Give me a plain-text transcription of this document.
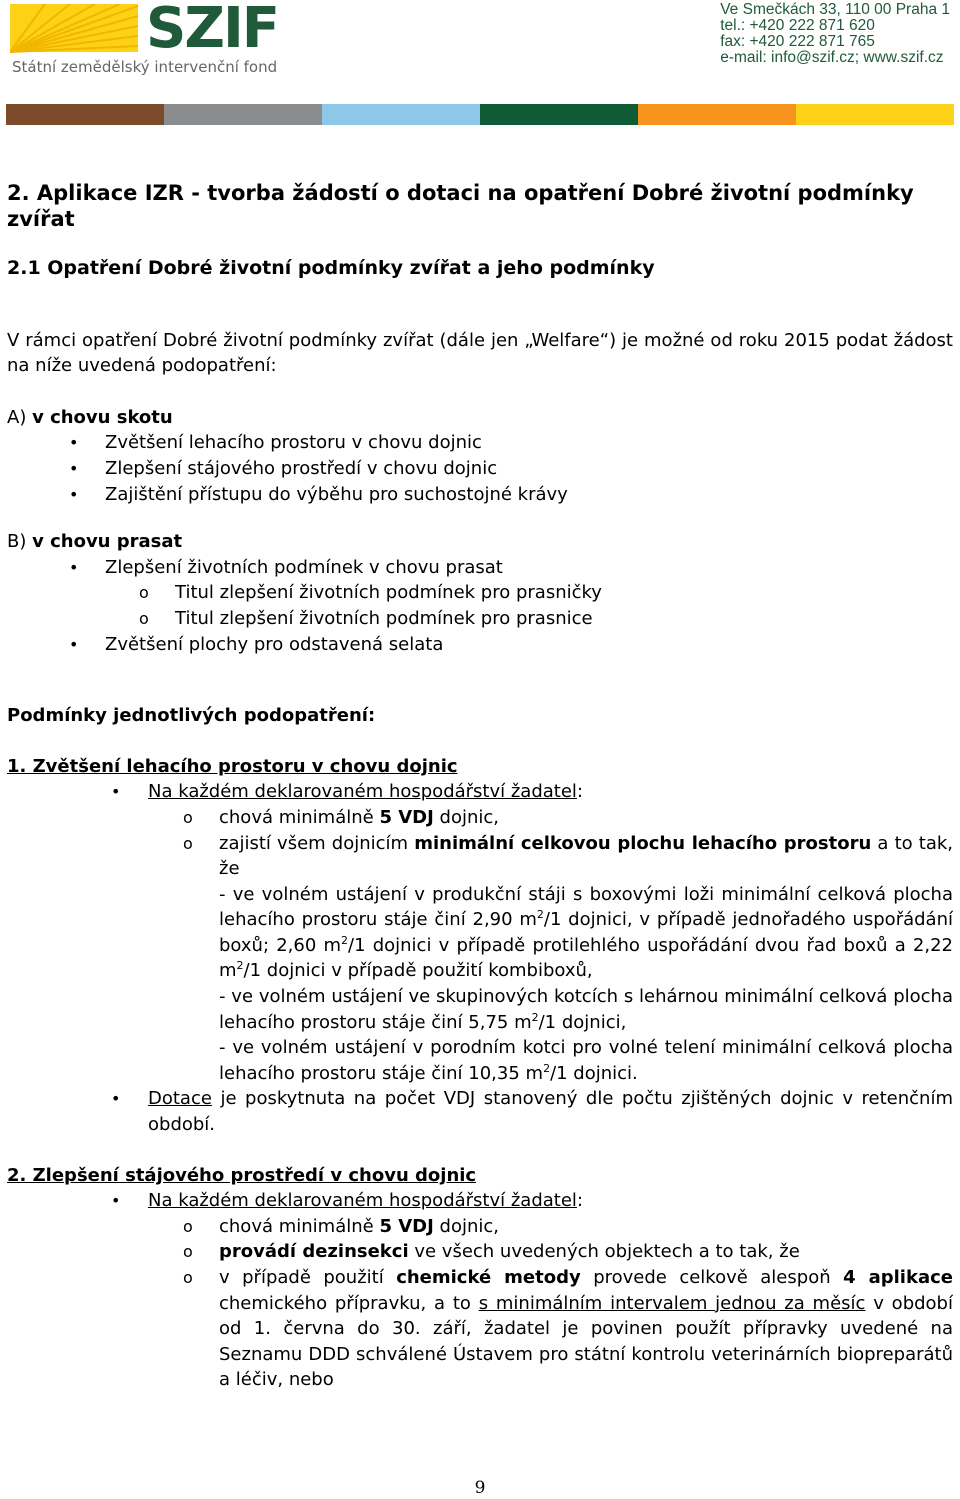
SZIF
Státní zemědělský intervenční fond
Ve Smečkách 33, 110 00 Praha 1
tel.: +420 222 871 620
fax: +420 222 871 765
e-mail: info@szif.cz; www.szif.cz
2. Aplikace IZR - tvorba žádostí o dotaci na opatření Dobré životní podmínky zvířat
2.1 Opatření Dobré životní podmínky zvířat a jeho podmínky

V rámci opatření Dobré životní podmínky zvířat (dále jen „Welfare“) je možné od roku 2015 podat žádost na níže uvedená podopatření:

A) v chovu skotu

• Zvětšení lehacího prostoru v chovu dojnic
• Zlepšení stájového prostředí v chovu dojnic
• Zajištění přístupu do výběhu pro suchostojné krávy

B) v chovu prasat

• Zlepšení životních podmínek v chovu prasat
o Titul zlepšení životních podmínek pro prasničky
o Titul zlepšení životních podmínek pro prasnice
• Zvětšení plochy pro odstavená selata

Podmínky jednotlivých podopatření:

1. Zvětšení lehacího prostoru v chovu dojnic

• Na každém deklarovaném hospodářství žadatel:
o chová minimálně 5 VDJ dojnic,
o zajistí všem dojnicím minimální celkovou plochu lehacího prostoru a to tak, že
- ve volném ustájení v produkční stáji s boxovými loži minimální celková plocha lehacího prostoru stáje činí 2,90 $m^2/1$ dojnici, v případě jednořadého uspořádání boxů; 2,60 $m^2/1$ dojnici v případě protilehlého uspořádání dvou řad boxů a 2,22 $m^2/1$ dojnici v případě použití kombiboxů,
- ve volném ustájení ve skupinových kotcích s lehárnou minimální celková plocha lehacího prostoru stáje činí 5,75 $m^2/1$ dojnici,
- ve volném ustájení v porodním kotci pro volné telení minimální celková plocha lehacího prostoru stáje činí 10,35 $m^2/1$ dojnici.
• Dotace je poskytnuta na počet VDJ stanovený dle počtu zjištěných dojnic v retenčním období.

2. Zlepšení stájového prostředí v chovu dojnic

• Na každém deklarovaném hospodářství žadatel:
o chová minimálně 5 VDJ dojnic,
o provádí dezinsekci ve všech uvedených objektech a to tak, že
o v případě použití chemické metody provede celkově alespoň 4 aplikace chemického přípravku, a to s minimálním intervalem jednou za měsíc v období od 1. června do 30. září, žadatel je povinen použít přípravky uvedené na Seznamu DDD schválené Ústavem pro státní kontrolu veterinárních biopreparátů a léčiv, nebo
9
